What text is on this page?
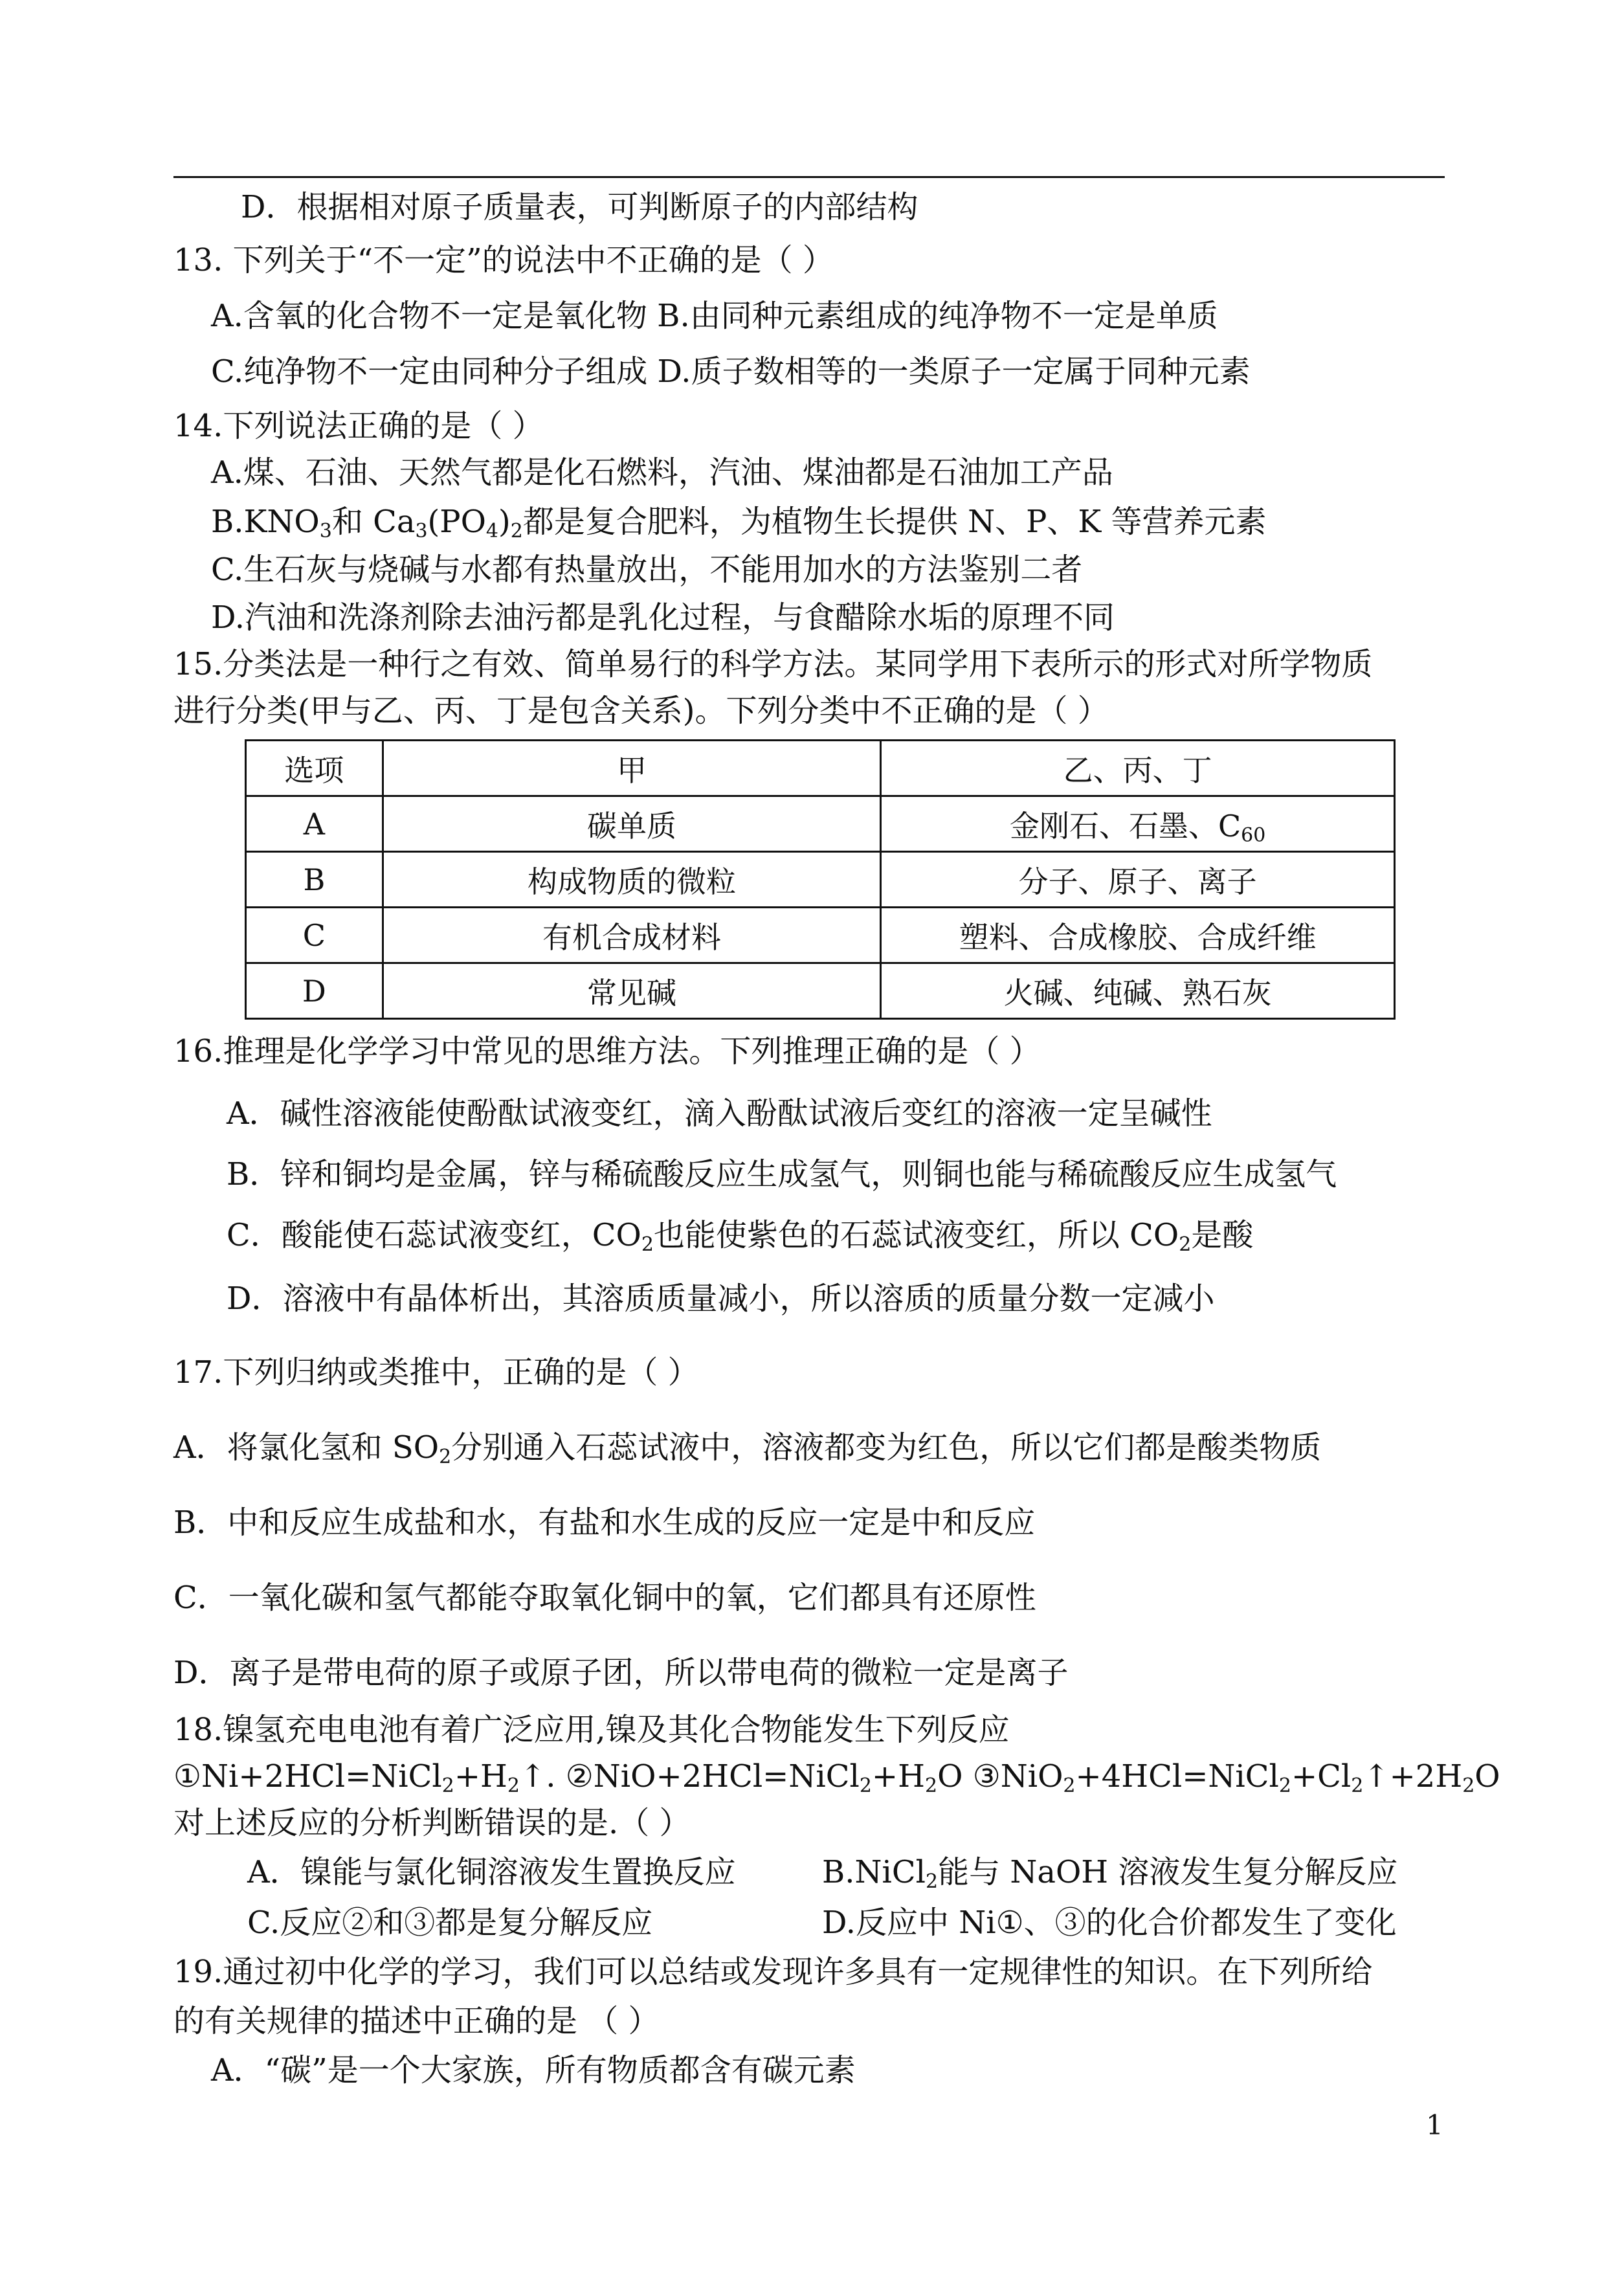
D．根据相对原子质量表，可判断原子的内部结构
13. 下列关于“不一定”的说法中不正确的是（ ）
A.含氧的化合物不一定是氧化物 B.由同种元素组成的纯净物不一定是单质
C.纯净物不一定由同种分子组成 D.质子数相等的一类原子一定属于同种元素
14.下列说法正确的是（ ）
A.煤、石油、天然气都是化石燃料，汽油、煤油都是石油加工产品
$B.KNO_3$和 $Ca_3(PO_4)_2$都是复合肥料，为植物生长提供 N、P、K 等营养元素
C.生石灰与烧碱与水都有热量放出，不能用加水的方法鉴别二者
D.汽油和洗涤剂除去油污都是乳化过程，与食醋除水垢的原理不同
15.分类法是一种行之有效、简单易行的科学方法。某同学用下表所示的形式对所学物质
进行分类(甲与乙、丙、丁是包含关系)。下列分类中不正确的是（ ）
选项	甲	乙、丙、丁
A	碳单质	金刚石、石墨、$C_{60}$
B	构成物质的微粒	分子、原子、离子
C	有机合成材料	塑料、合成橡胶、合成纤维
D	常见碱	火碱、纯碱、熟石灰
16.推理是化学学习中常见的思维方法。下列推理正确的是（ ）
A．碱性溶液能使酚酞试液变红，滴入酚酞试液后变红的溶液一定呈碱性
B．锌和铜均是金属，锌与稀硫酸反应生成氢气，则铜也能与稀硫酸反应生成氢气
C．酸能使石蕊试液变红，$CO_2$也能使紫色的石蕊试液变红，所以 $CO_2$是酸
D．溶液中有晶体析出，其溶质质量减小，所以溶质的质量分数一定减小
17.下列归纳或类推中，正确的是（ ）
A．将氯化氢和 $SO_2$分别通入石蕊试液中，溶液都变为红色，所以它们都是酸类物质
B．中和反应生成盐和水，有盐和水生成的反应一定是中和反应
C．一氧化碳和氢气都能夺取氧化铜中的氧，它们都具有还原性
D．离子是带电荷的原子或原子团，所以带电荷的微粒一定是离子
18.镍氢充电电池有着广泛应用,镍及其化合物能发生下列反应
$①Ni+2HCl=NiCl_2+H_2↑$. $②NiO+2HCl=NiCl_2+H_2O$ $③NiO_2+4HCl=NiCl_2+Cl_2↑+2H_2O$
对上述反应的分析判断错误的是.（ ）
A．镍能与氯化铜溶液发生置换反应	B.NiCl$_2$能与 NaOH 溶液发生复分解反应
C.反应②和③都是复分解反应	D.反应中 Ni①、③的化合价都发生了变化
19.通过初中化学的学习，我们可以总结或发现许多具有一定规律性的知识。在下列所给
的有关规律的描述中正确的是 （ ）
A．“碳”是一个大家族，所有物质都含有碳元素
1
